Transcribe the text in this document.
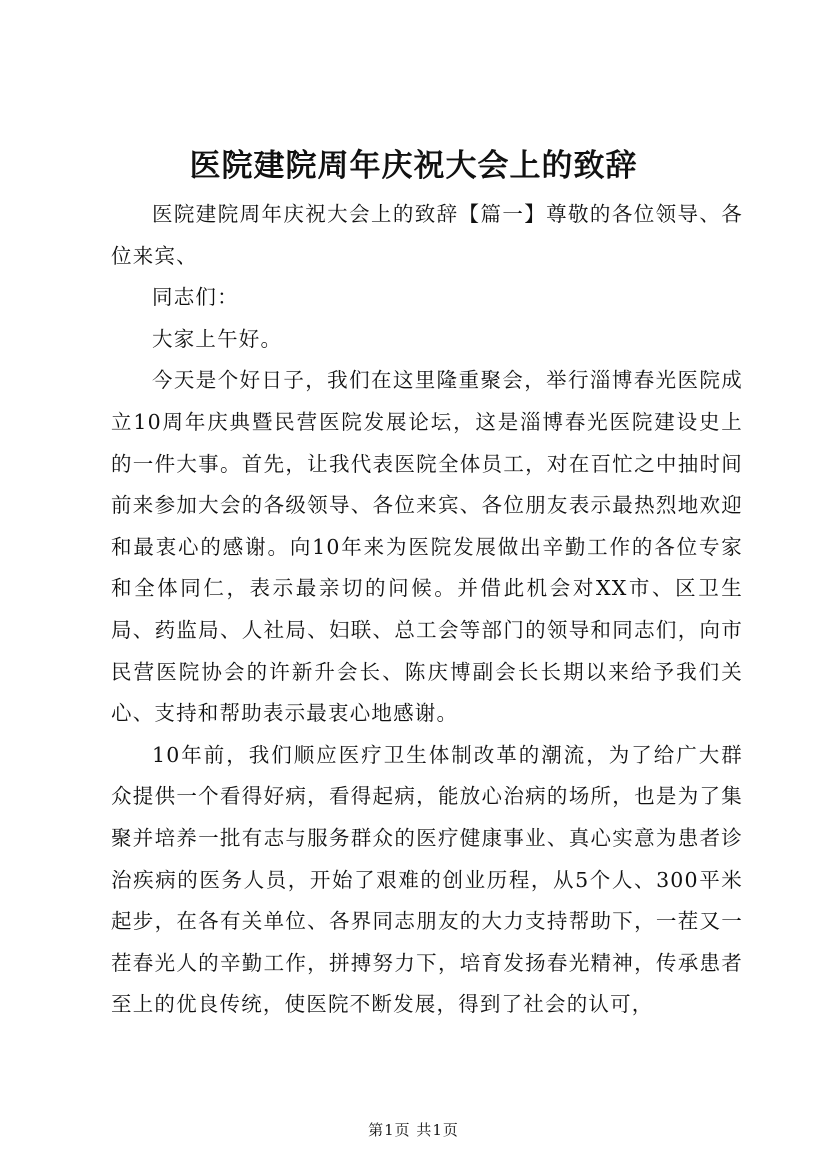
医院建院周年庆祝大会上的致辞

医院建院周年庆祝大会上的致辞【篇一】尊敬的各位领导、各位来宾、

同志们：

大家上午好。

今天是个好日子，我们在这里隆重聚会，举行淄博春光医院成立10周年庆典暨民营医院发展论坛，这是淄博春光医院建设史上的一件大事。首先，让我代表医院全体员工，对在百忙之中抽时间前来参加大会的各级领导、各位来宾、各位朋友表示最热烈地欢迎和最衷心的感谢。向10年来为医院发展做出辛勤工作的各位专家和全体同仁，表示最亲切的问候。并借此机会对XX市、区卫生局、药监局、人社局、妇联、总工会等部门的领导和同志们，向市民营医院协会的许新升会长、陈庆博副会长长期以来给予我们关心、支持和帮助表示最衷心地感谢。

10年前，我们顺应医疗卫生体制改革的潮流，为了给广大群众提供一个看得好病，看得起病，能放心治病的场所，也是为了集聚并培养一批有志与服务群众的医疗健康事业、真心实意为患者诊治疾病的医务人员，开始了艰难的创业历程，从5个人、300平米起步，在各有关单位、各界同志朋友的大力支持帮助下，一茬又一茬春光人的辛勤工作，拼搏努力下，培育发扬春光精神，传承患者至上的优良传统，使医院不断发展，得到了社会的认可，

第1页 共1页
